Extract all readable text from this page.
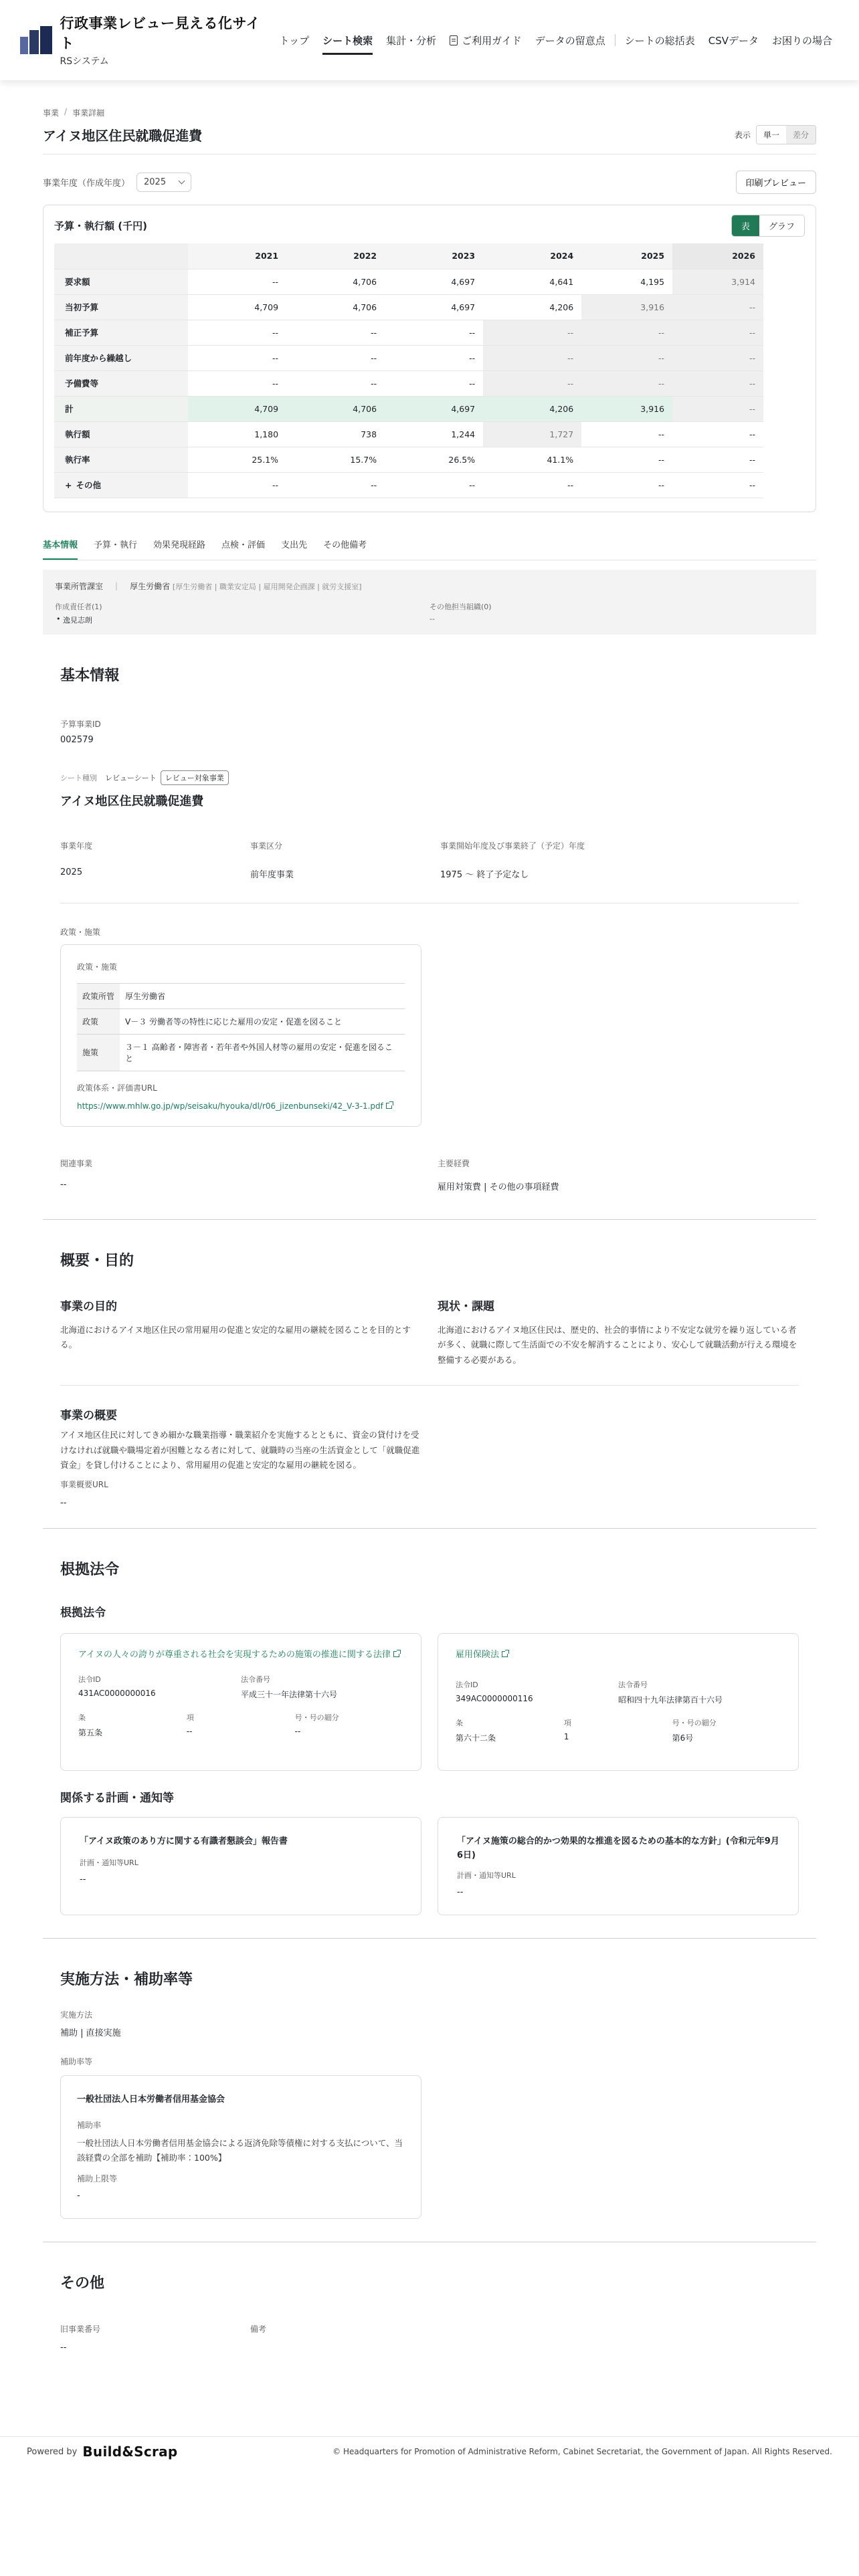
行政事業レビュー見える化サイト
RSシステム
トップ	シート検索	集計・分析	ご利用ガイド	データの留意点	シートの総括表	CSVデータ	お困りの場合
事業 / 事業詳細
アイヌ地区住民就職促進費	表示	単一	差分
事業年度（作成年度） 2025	印刷プレビュー
予算・執行額 (千円)	表	グラフ
	2021	2022	2023	2024	2025	2026
要求額	--	4,706	4,697	4,641	4,195	3,914
当初予算	4,709	4,706	4,697	4,206	3,916	--
補正予算	--	--	--	--	--	--
前年度から繰越し	--	--	--	--	--	--
予備費等	--	--	--	--	--	--
計	4,709	4,706	4,697	4,206	3,916	--
執行額	1,180	738	1,244	1,727	--	--
執行率	25.1%	15.7%	26.5%	41.1%	--	--
+ その他	--	--	--	--	--	--
基本情報 予算・執行 効果発現経路 点検・評価 支出先 その他備考
事業所管課室 | 厚生労働省 [厚生労働省 | 職業安定局 | 雇用開発企画課 | 就労支援室]
作成責任者(1)
• 逸見志朗
その他担当組織(0)
--
基本情報
予算事業ID
002579
シート種別 レビューシート	レビュー対象事業
アイヌ地区住民就職促進費
事業年度
2025
事業区分
前年度事業
事業開始年度及び事業終了（予定）年度
1975 ～ 終了予定なし
政策・施策
政策・施策
政策所管	厚生労働省
政策	Ⅴ－３ 労働者等の特性に応じた雇用の安定・促進を図ること
施策	３－１ 高齢者・障害者・若年者や外国人材等の雇用の安定・促進を図ること
政策体系・評価書URL
https://www.mhlw.go.jp/wp/seisaku/hyouka/dl/r06_jizenbunseki/42_V-3-1.pdf
関連事業
--
主要経費
雇用対策費 | その他の事項経費
概要・目的
事業の目的

北海道におけるアイヌ地区住民の常用雇用の促進と安定的な雇用の継続を図ることを目的とする。

現状・課題

北海道におけるアイヌ地区住民は、歴史的、社会的事情により不安定な就労を繰り返している者が多く、就職に際して生活面での不安を解消することにより、安心して就職活動が行える環境を整備する必要がある。

事業の概要

アイヌ地区住民に対してきめ細かな職業指導・職業紹介を実施するとともに、資金の貸付けを受けなければ就職や職場定着が困難となる者に対して、就職時の当座の生活資金として「就職促進資金」を貸し付けることにより、常用雇用の促進と安定的な雇用の継続を図る。

事業概要URL
--
根拠法令
根拠法令
アイヌの人々の誇りが尊重される社会を実現するための施策の推進に関する法律
法令ID
431AC0000000016
法令番号
平成三十一年法律第十六号
条
第五条
項
--
号・号の細分
--
雇用保険法
法令ID
349AC0000000116
法令番号
昭和四十九年法律第百十六号
条
第六十二条
項
1
号・号の細分
第6号
関係する計画・通知等
「アイヌ政策のあり方に関する有識者懇談会」報告書
計画・通知等URL
--
「アイヌ施策の総合的かつ効果的な推進を図るための基本的な方針」(令和元年9月6日)
計画・通知等URL
--
実施方法・補助率等
実施方法
補助 | 直接実施
補助率等
一般社団法人日本労働者信用基金協会
補助率

一般社団法人日本労働者信用基金協会による返済免除等債権に対する支払について、当該経費の全部を補助【補助率：100%】

補助上限等
-
その他
旧事業番号
--
備考
Powered by Build&Scrap	© Headquarters for Promotion of Administrative Reform, Cabinet Secretariat, the Government of Japan. All Rights Reserved.
